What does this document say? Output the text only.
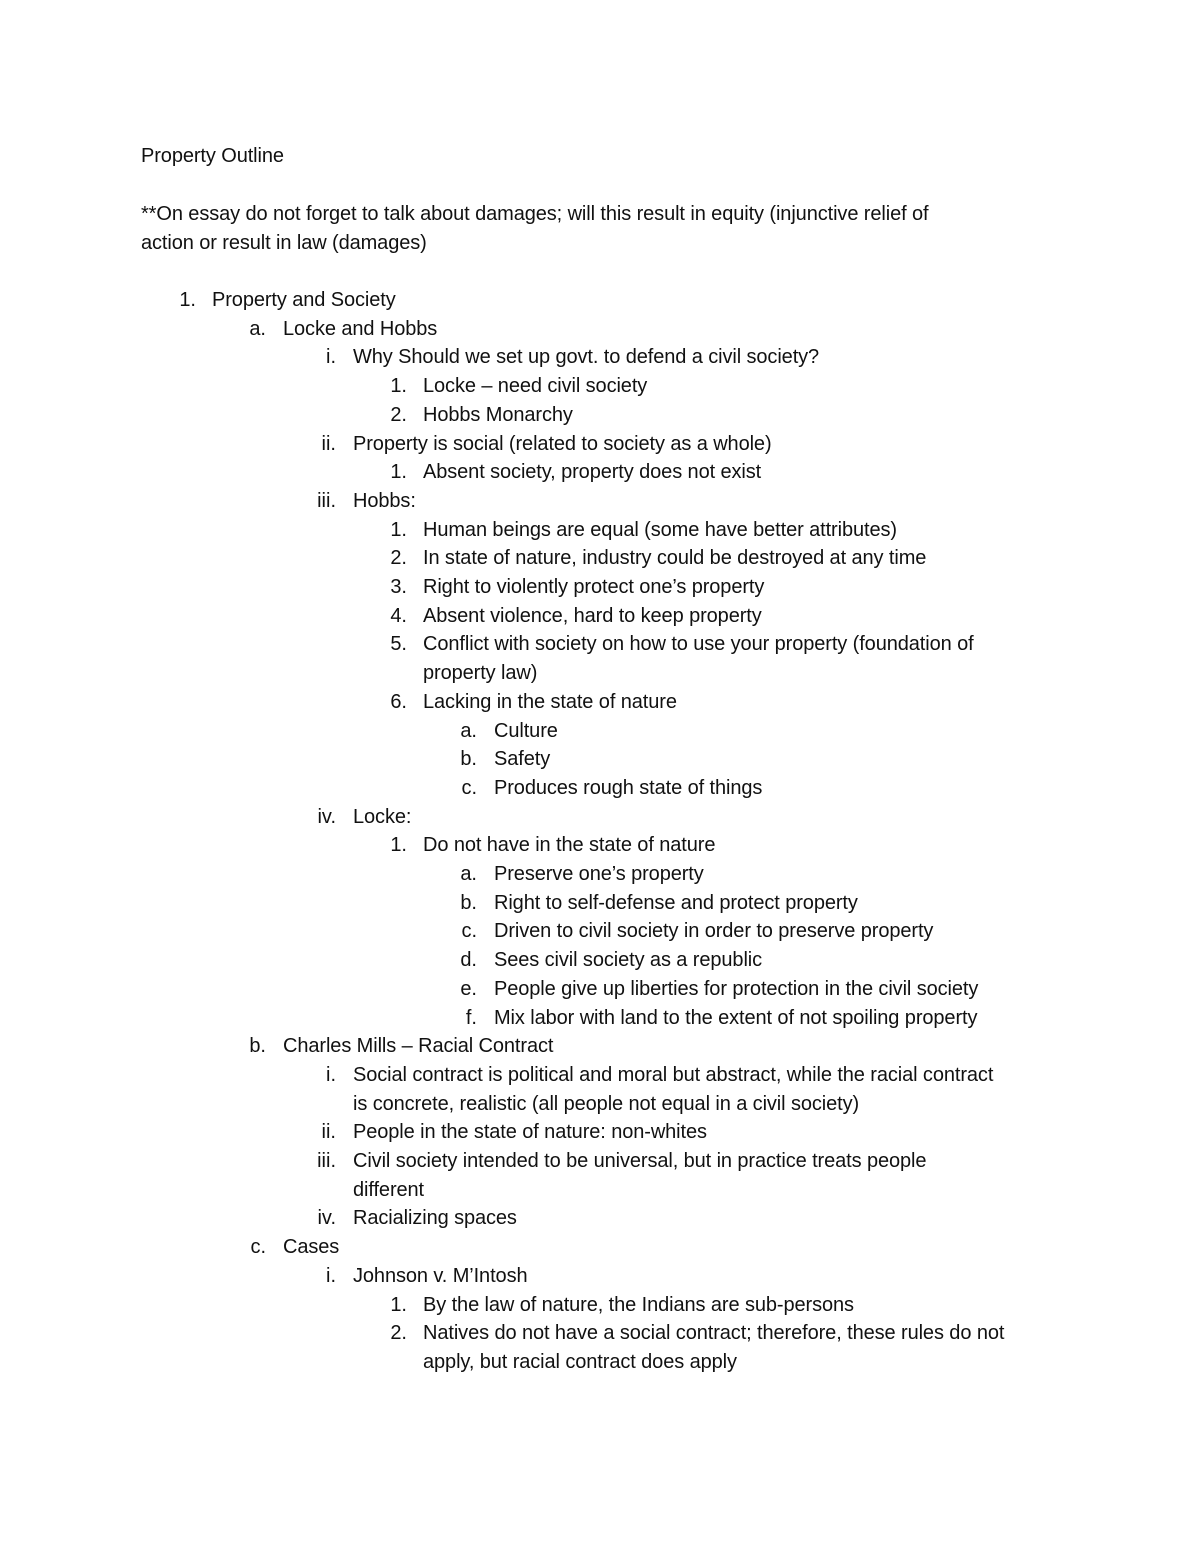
Property Outline
**On essay do not forget to talk about damages; will this result in equity (injunctive relief of
action or result in law (damages)
1. Property and Society
a. Locke and Hobbs
i. Why Should we set up govt. to defend a civil society?
1. Locke – need civil society
2. Hobbs Monarchy
ii. Property is social (related to society as a whole)
1. Absent society, property does not exist
iii. Hobbs:
1. Human beings are equal (some have better attributes)
2. In state of nature, industry could be destroyed at any time
3. Right to violently protect one’s property
4. Absent violence, hard to keep property
5. Conflict with society on how to use your property (foundation of
property law)
6. Lacking in the state of nature
a. Culture
b. Safety
c. Produces rough state of things
iv. Locke:
1. Do not have in the state of nature
a. Preserve one’s property
b. Right to self-defense and protect property
c. Driven to civil society in order to preserve property
d. Sees civil society as a republic
e. People give up liberties for protection in the civil society
f. Mix labor with land to the extent of not spoiling property
b. Charles Mills – Racial Contract
i. Social contract is political and moral but abstract, while the racial contract
is concrete, realistic (all people not equal in a civil society)
ii. People in the state of nature: non-whites
iii. Civil society intended to be universal, but in practice treats people
different
iv. Racializing spaces
c. Cases
i. Johnson v. M’Intosh
1. By the law of nature, the Indians are sub-persons
2. Natives do not have a social contract; therefore, these rules do not
apply, but racial contract does apply
